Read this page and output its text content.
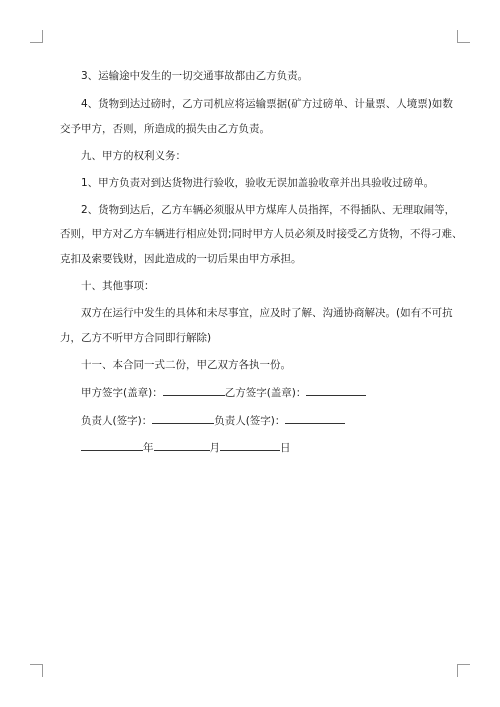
3、运输途中发生的一切交通事故都由乙方负责。
4、货物到达过磅时，乙方司机应将运输票据(矿方过磅单、计量票、人境票)如数
交予甲方，否则，所造成的损失由乙方负责。
九、甲方的权利义务：
1、甲方负责对到达货物进行验收，验收无误加盖验收章并出具验收过磅单。
2、货物到达后，乙方车辆必须服从甲方煤库人员指挥，不得插队、无理取闹等，
否则，甲方对乙方车辆进行相应处罚;同时甲方人员必须及时接受乙方货物，不得刁难、
克扣及索要钱财，因此造成的一切后果由甲方承担。
十、其他事项：
双方在运行中发生的具体和未尽事宜，应及时了解、沟通协商解决。(如有不可抗
力，乙方不听甲方合同即行解除)
十一、本合同一式二份，甲乙双方各执一份。
甲方签字(盖章)：	乙方签字(盖章)：
负责人(签字)：	负责人(签字)：
年	月	日
